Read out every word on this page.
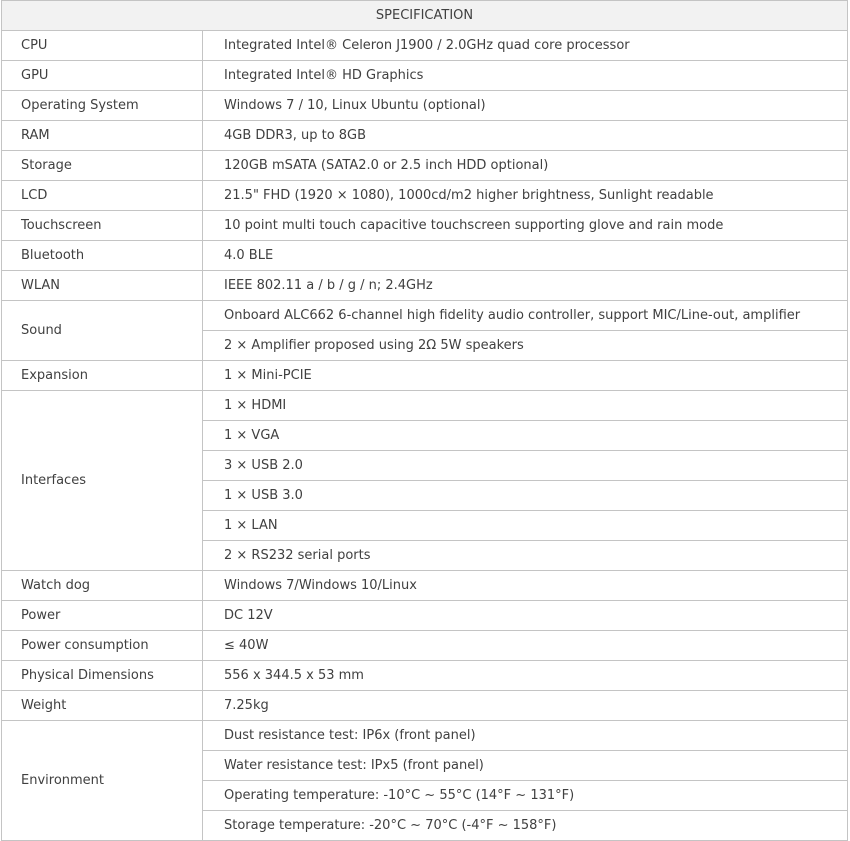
SPECIFICATION	
CPU	Integrated Intel® Celeron J1900 / 2.0GHz quad core processor
GPU	Integrated Intel® HD Graphics
Operating System	Windows 7 / 10, Linux Ubuntu (optional)
RAM	4GB DDR3, up to 8GB
Storage	120GB mSATA (SATA2.0 or 2.5 inch HDD optional)
LCD	21.5" FHD (1920 × 1080), 1000cd/m2 higher brightness, Sunlight readable
Touchscreen	10 point multi touch capacitive touchscreen supporting glove and rain mode
Bluetooth	4.0 BLE
WLAN	IEEE 802.11 a / b / g / n; 2.4GHz
Sound	Onboard ALC662 6-channel high fidelity audio controller, support MIC/Line-out, amplifier
	2 × Amplifier proposed using 2Ω 5W speakers
Expansion	1 × Mini-PCIE
Interfaces	1 × HDMI
	1 × VGA
	3 × USB 2.0
	1 × USB 3.0
	1 × LAN
	2 × RS232 serial ports
Watch dog	Windows 7/Windows 10/Linux
Power	DC 12V
Power consumption	≤ 40W
Physical Dimensions	556 x 344.5 x 53 mm
Weight	7.25kg
Environment	Dust resistance test: IP6x (front panel)
	Water resistance test: IPx5 (front panel)
	Operating temperature: -10°C ~ 55°C (14°F ~ 131°F)
	Storage temperature: -20°C ~ 70°C (-4°F ~ 158°F)
